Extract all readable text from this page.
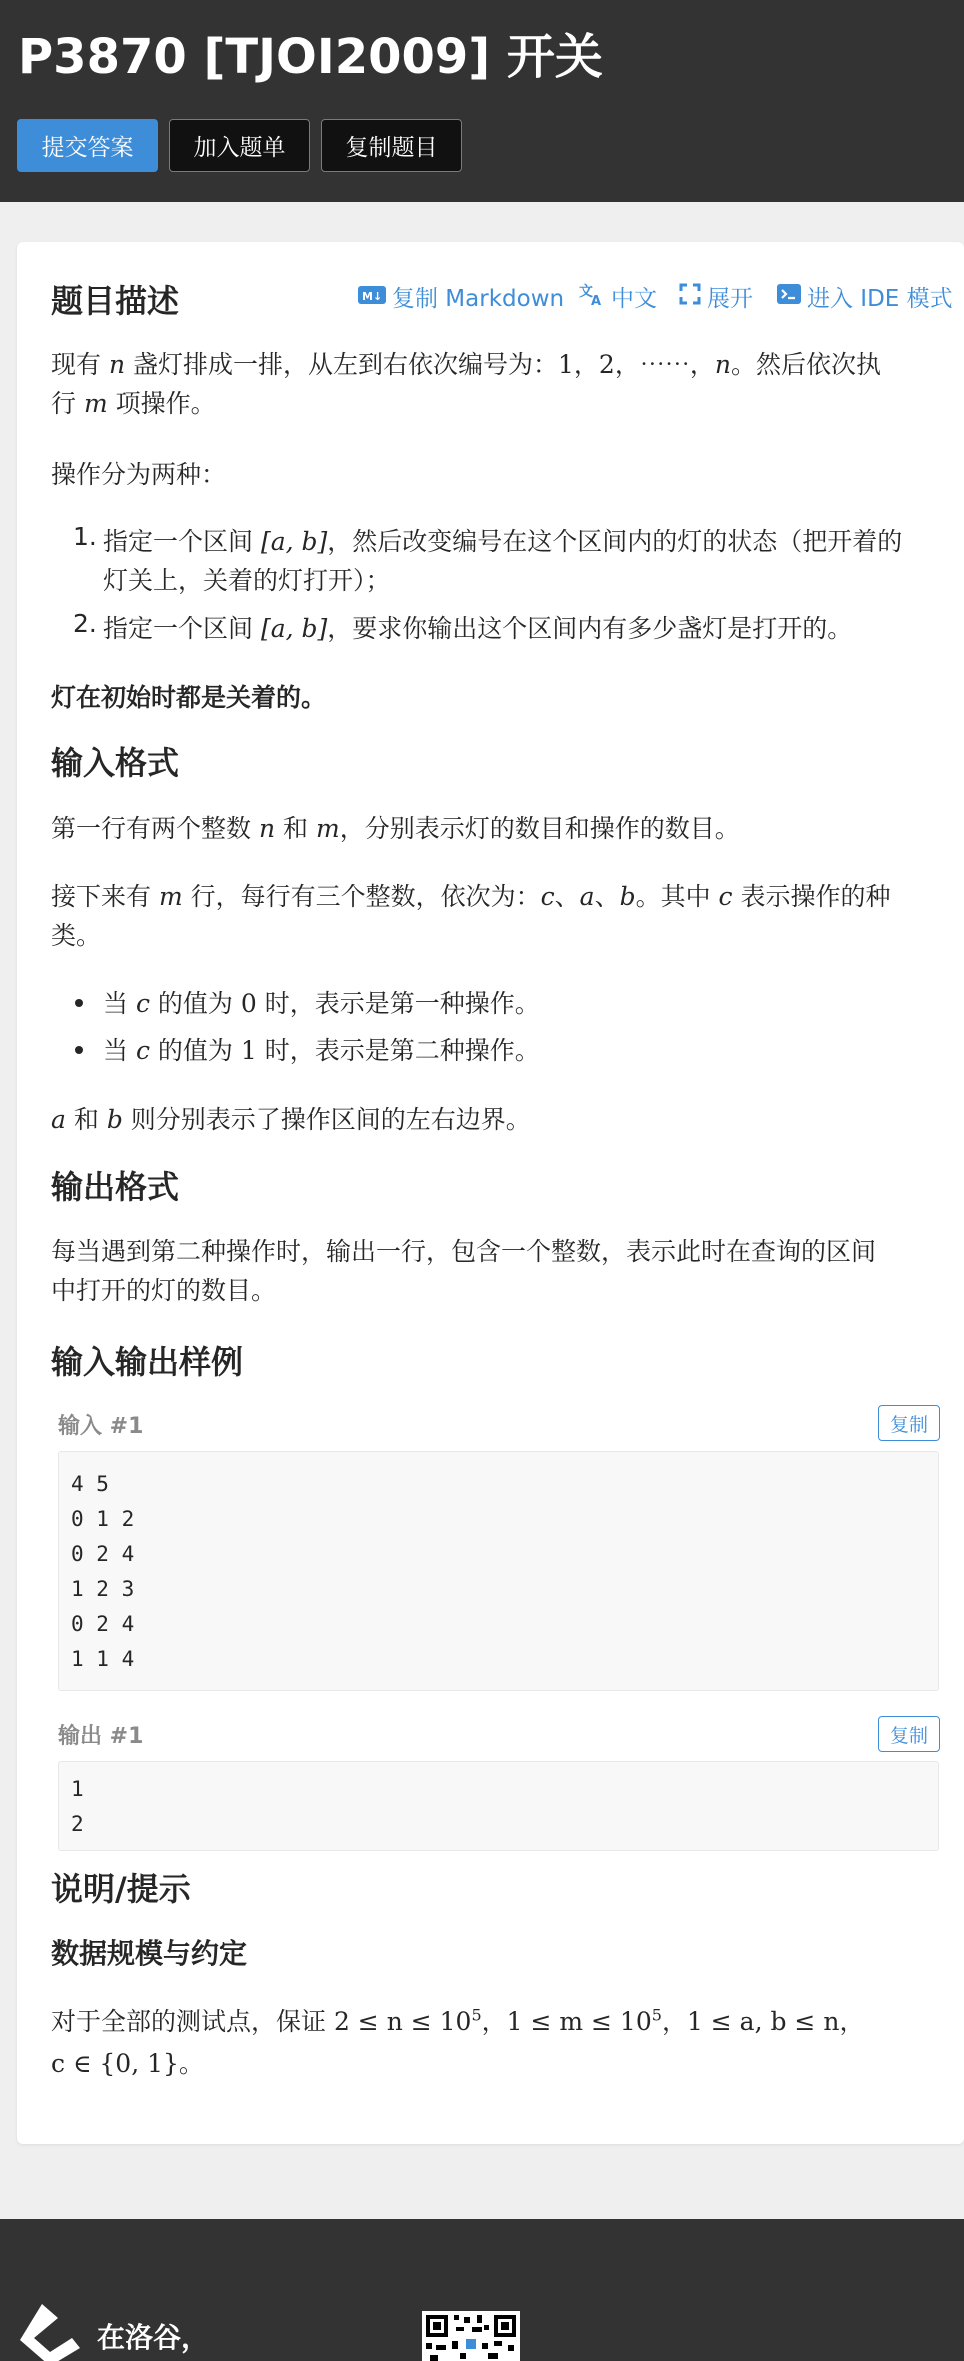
P3870 [TJOI2009] 开关
提交答案	加入题单	复制题目
M↓ 复制 Markdown 文
A 中文 展开 进入 IDE 模式
题目描述
现有 n 盏灯排成一排，从左到右依次编号为：1，2，⋯⋯，n。然后依次执
行 m 项操作。
操作分为两种：
1. 指定一个区间 [a, b]，然后改变编号在这个区间内的灯的状态（把开着的
灯关上，关着的灯打开）；
2. 指定一个区间 [a, b]，要求你输出这个区间内有多少盏灯是打开的。
灯在初始时都是关着的。
输入格式
第一行有两个整数 n 和 m，分别表示灯的数目和操作的数目。
接下来有 m 行，每行有三个整数，依次为：c、a、b。其中 c 表示操作的种
类。
当 c 的值为 0 时，表示是第一种操作。
当 c 的值为 1 时，表示是第二种操作。
a 和 b 则分别表示了操作区间的左右边界。
输出格式
每当遇到第二种操作时，输出一行，包含一个整数，表示此时在查询的区间
中打开的灯的数目。
输入输出样例
输入 #1	复制
4 5
0 1 2
0 2 4
1 2 3
0 2 4
1 1 4
输出 #1	复制
1
2
说明/提示
数据规模与约定
对于全部的测试点，保证 $2 \le n \le 10^5$，$1 \le m \le 10^5$，1 ≤ a, b ≤ n，
c ∈ {0, 1}。
在洛谷，
